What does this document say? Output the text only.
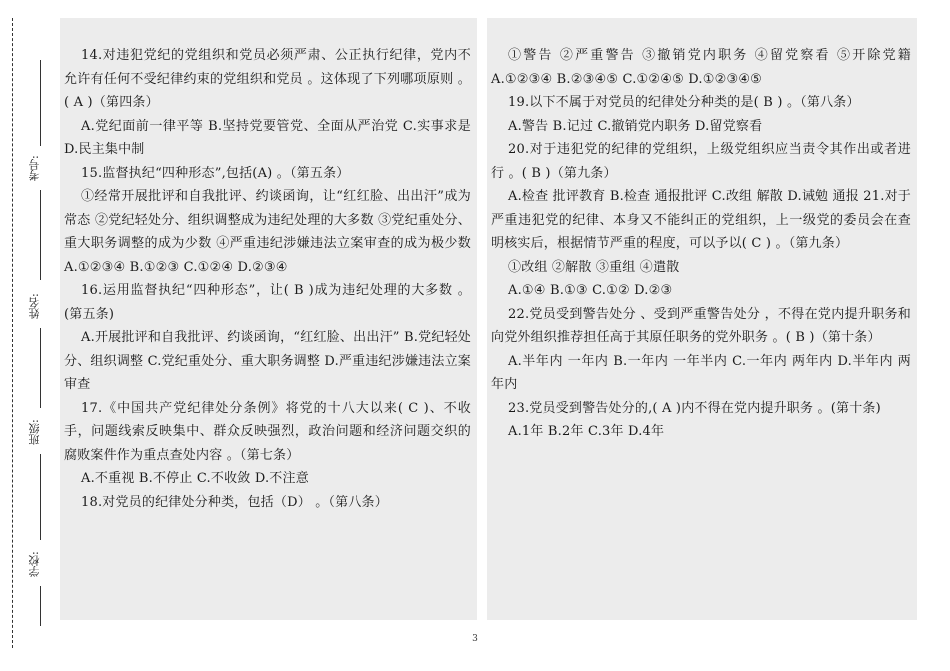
考号:
姓名:
班级:
学校:

14.对违犯党纪的党组织和党员必须严肃、公正执行纪律，党内不允许有任何不受纪律约束的党组织和党员 。这体现了下列哪项原则 。( A )（第四条）

A.党纪面前一律平等 B.坚持党要管党、全面从严治党 C.实事求是 D.民主集中制

15.监督执纪“四种形态”,包括(A) 。（第五条）

①经常开展批评和自我批评、约谈函询，让“红红脸、出出汗”成为常态 ②党纪轻处分、组织调整成为违纪处理的大多数 ③党纪重处分、重大职务调整的成为少数 ④严重违纪涉嫌违法立案审查的成为极少数 A.①②③④ B.①②③ C.①②④ D.②③④

16.运用监督执纪“四种形态”，让( B )成为违纪处理的大多数 。(第五条)

A.开展批评和自我批评、约谈函询，“红红脸、出出汗” B.党纪轻处分、组织调整 C.党纪重处分、重大职务调整 D.严重违纪涉嫌违法立案审查

17.《中国共产党纪律处分条例》将党的十八大以来( C )、不收手，问题线索反映集中、群众反映强烈，政治问题和经济问题交织的腐败案件作为重点查处内容 。（第七条）

A.不重视 B.不停止 C.不收敛 D.不注意

18.对党员的纪律处分种类，包括（D） 。（第八条）

①警告 ②严重警告 ③撤销党内职务 ④留党察看 ⑤开除党籍 A.①②③④ B.②③④⑤ C.①②④⑤ D.①②③④⑤

19.以下不属于对党员的纪律处分种类的是( B ) 。（第八条）

A.警告 B.记过 C.撤销党内职务 D.留党察看

20.对于违犯党的纪律的党组织，上级党组织应当责令其作出或者进行 。( B )（第九条）

A.检查 批评教育 B.检查 通报批评 C.改组 解散 D.诫勉 通报 21.对于严重违犯党的纪律、本身又不能纠正的党组织，上一级党的委员会在查明核实后，根据情节严重的程度，可以予以( C ) 。（第九条）

①改组 ②解散 ③重组 ④遣散

A.①④ B.①③ C.①② D.②③

22.党员受到警告处分 、受到严重警告处分 ，不得在党内提升职务和向党外组织推荐担任高于其原任职务的党外职务 。( B )（第十条）

A.半年内 一年内 B.一年内 一年半内 C.一年内 两年内 D.半年内 两年内

23.党员受到警告处分的,( A )内不得在党内提升职务 。(第十条)

A.1年 B.2年 C.3年 D.4年

3
